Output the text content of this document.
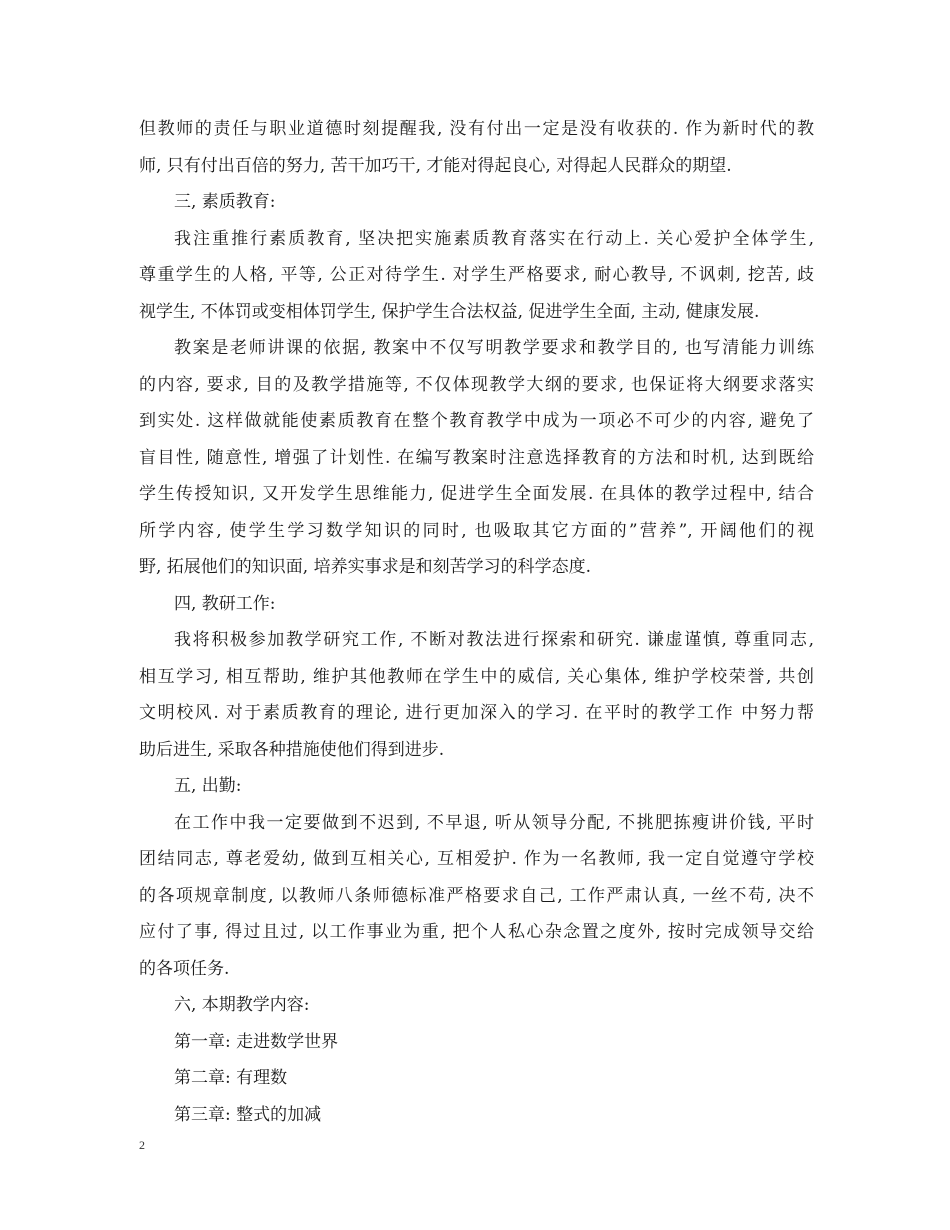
但教师的责任与职业道德时刻提醒我, 没有付出一定是没有收获的. 作为新时代的教
师, 只有付出百倍的努力, 苦干加巧干, 才能对得起良心, 对得起人民群众的期望.
三, 素质教育:
我注重推行素质教育, 坚决把实施素质教育落实在行动上. 关心爱护全体学生,
尊重学生的人格, 平等, 公正对待学生. 对学生严格要求, 耐心教导, 不讽刺, 挖苦, 歧
视学生, 不体罚或变相体罚学生, 保护学生合法权益, 促进学生全面, 主动, 健康发展.
教案是老师讲课的依据, 教案中不仅写明教学要求和教学目的, 也写清能力训练
的内容, 要求, 目的及教学措施等, 不仅体现教学大纲的要求, 也保证将大纲要求落实
到实处. 这样做就能使素质教育在整个教育教学中成为一项必不可少的内容, 避免了
盲目性, 随意性, 增强了计划性. 在编写教案时注意选择教育的方法和时机, 达到既给
学生传授知识, 又开发学生思维能力, 促进学生全面发展. 在具体的教学过程中, 结合
所学内容, 使学生学习数学知识的同时, 也吸取其它方面的”营养”, 开阔他们的视
野, 拓展他们的知识面, 培养实事求是和刻苦学习的科学态度.
四, 教研工作:
我将积极参加教学研究工作, 不断对教法进行探索和研究. 谦虚谨慎, 尊重同志,
相互学习, 相互帮助, 维护其他教师在学生中的威信, 关心集体, 维护学校荣誉, 共创
文明校风. 对于素质教育的理论, 进行更加深入的学习. 在平时的教学工作 中努力帮
助后进生, 采取各种措施使他们得到进步.
五, 出勤:
在工作中我一定要做到不迟到, 不早退, 听从领导分配, 不挑肥拣瘦讲价钱, 平时
团结同志, 尊老爱幼, 做到互相关心, 互相爱护. 作为一名教师, 我一定自觉遵守学校
的各项规章制度, 以教师八条师德标准严格要求自己, 工作严肃认真, 一丝不苟, 决不
应付了事, 得过且过, 以工作事业为重, 把个人私心杂念置之度外, 按时完成领导交给
的各项任务.
六, 本期教学内容:
第一章: 走进数学世界
第二章: 有理数
第三章: 整式的加减
2
